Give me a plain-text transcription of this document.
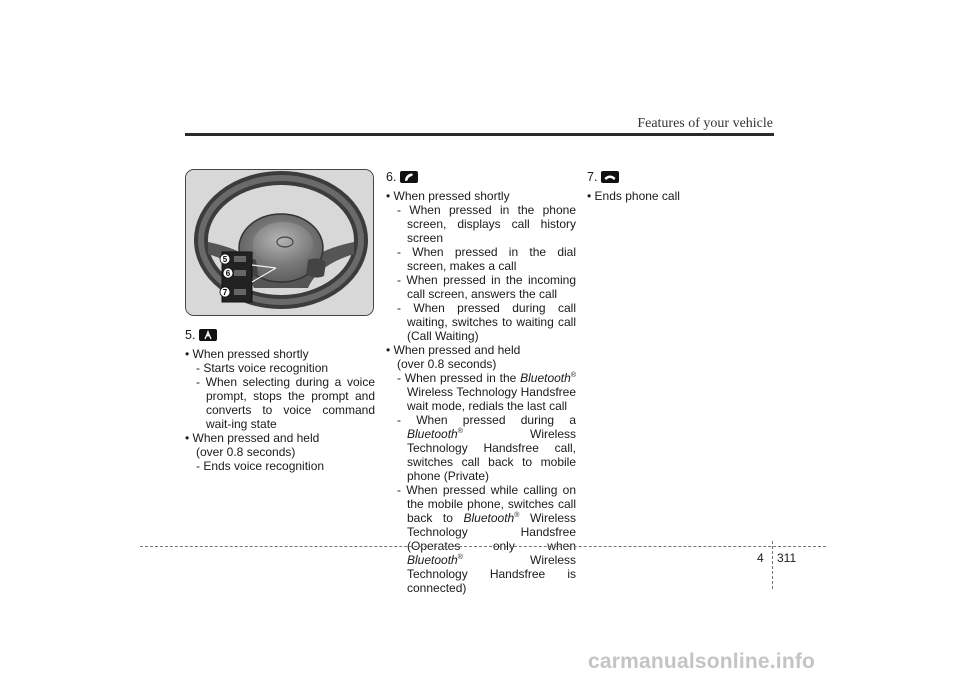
Features of your vehicle
5
6
7
5.

• When pressed shortly

- Starts voice recognition

- When selecting during a voice prompt, stops the prompt and converts to voice command wait-ing state

• When pressed and held

(over 0.8 seconds)

- Ends voice recognition

6.

• When pressed shortly

- When pressed in the phone screen, displays call history screen

- When pressed in the dial screen, makes a call

- When pressed in the incoming call screen, answers the call

- When pressed during call waiting, switches to waiting call (Call Waiting)

• When pressed and held

(over 0.8 seconds)

- When pressed in the Bluetooth® Wireless Technology Handsfree wait mode, redials the last call

- When pressed during a Bluetooth® Wireless Technology Handsfree call, switches call back to mobile phone (Private)

- When pressed while calling on the mobile phone, switches call back to Bluetooth® Wireless Technology Handsfree (Operates only when Bluetooth® Wireless Technology Handsfree is connected)

7.

• Ends phone call

4 311
carmanualsonline.info
